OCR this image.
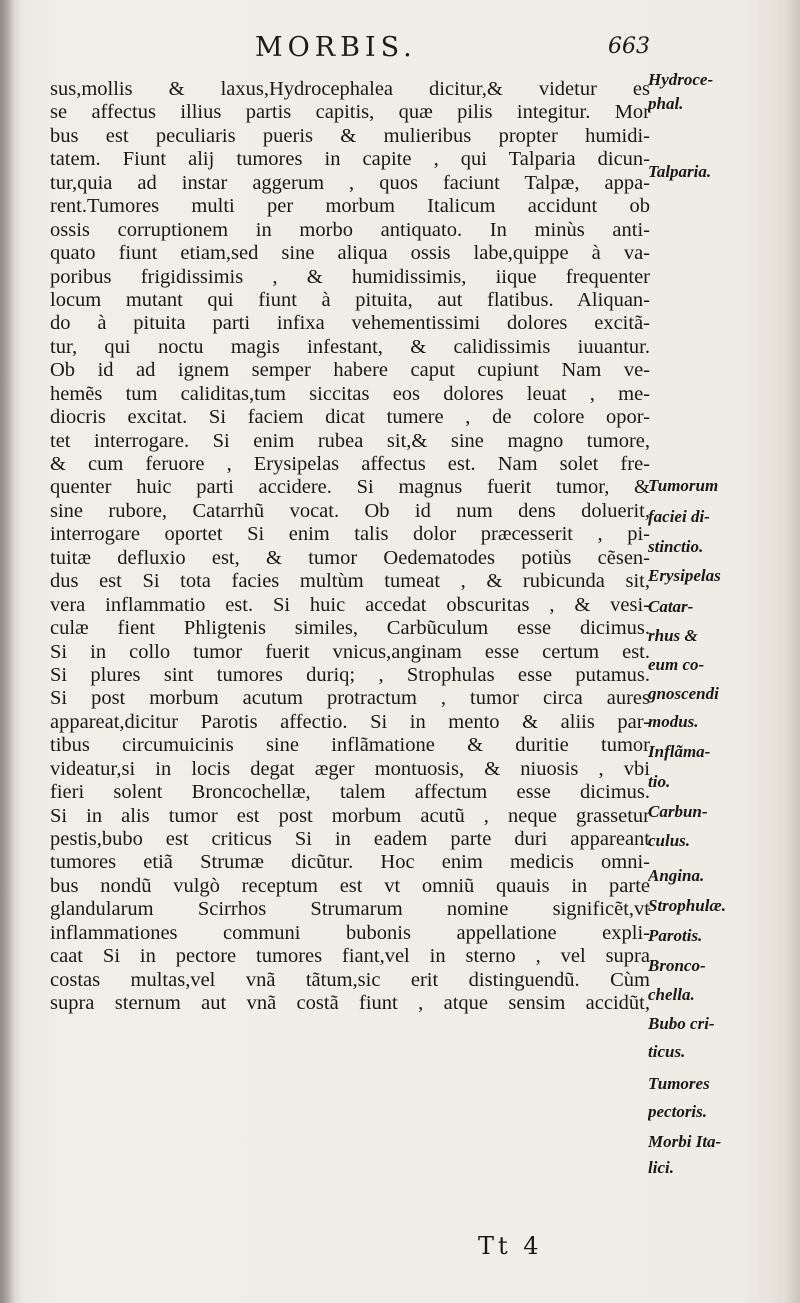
MORBIS.	663
sus,mollis & laxus,Hydrocephalea dicitur,& videtur es
se affectus illius partis capitis, quæ pilis integitur. Mor
bus est peculiaris pueris & mulieribus propter humidi-
tatem. Fiunt alij tumores in capite , qui Talparia dicun-
tur,quia ad instar aggerum , quos faciunt Talpæ, appa-
rent.Tumores multi per morbum Italicum accidunt ob
ossis corruptionem in morbo antiquato. In minùs anti-
quato fiunt etiam,sed sine aliqua ossis labe,quippe à va-
poribus frigidissimis , & humidissimis, iique frequenter
locum mutant qui fiunt à pituita, aut flatibus. Aliquan-
do à pituita parti infixa vehementissimi dolores excitã-
tur, qui noctu magis infestant, & calidissimis iuuantur.
Ob id ad ignem semper habere caput cupiunt Nam ve-
hemẽs tum caliditas,tum siccitas eos dolores leuat , me-
diocris excitat. Si faciem dicat tumere , de colore opor-
tet interrogare. Si enim rubea sit,& sine magno tumore,
& cum feruore , Erysipelas affectus est. Nam solet fre-
quenter huic parti accidere. Si magnus fuerit tumor, &
sine rubore, Catarrhũ vocat. Ob id num dens doluerit,
interrogare oportet Si enim talis dolor præcesserit , pi-
tuitæ defluxio est, & tumor Oedematodes potiùs cẽsen-
dus est Si tota facies multùm tumeat , & rubicunda sit,
vera inflammatio est. Si huic accedat obscuritas , & vesi-
culæ fient Phligtenis similes, Carbũculum esse dicimus.
Si in collo tumor fuerit vnicus,anginam esse certum est.
Si plures sint tumores duriq; , Strophulas esse putamus.
Si post morbum acutum protractum , tumor circa aures
appareat,dicitur Parotis affectio. Si in mento & aliis par-
tibus circumuicinis sine inflãmatione & duritie tumor
videatur,si in locis degat æger montuosis, & niuosis , vbi
fieri solent Broncochellæ, talem affectum esse dicimus.
Si in alis tumor est post morbum acutũ , neque grassetur
pestis,bubo est criticus Si in eadem parte duri appareant
tumores etiã Strumæ dicũtur. Hoc enim medicis omni-
bus nondũ vulgò receptum est vt omniũ quauis in parte
glandularum Scirrhos Strumarum nomine significẽt,vt
inflammationes communi bubonis appellatione expli-
caat Si in pectore tumores fiant,vel in sterno , vel supra
costas multas,vel vnã tãtum,sic erit distinguendũ. Cùm
supra sternum aut vnã costã fiunt , atque sensim accidũt,
Hydroce-
phal.
Talparia.
Tumorum
faciei di-
stinctio.
Erysipelas
Catar-
rhus &
eum co-
gnoscendi
modus.
Inflãma-
tio.
Carbun-
culus.
Angina.
Strophulæ.
Parotis.
Bronco-
chella.
Bubo cri-
ticus.
Tumores
pectoris.
Morbi Ita-
lici.
Tt 4
